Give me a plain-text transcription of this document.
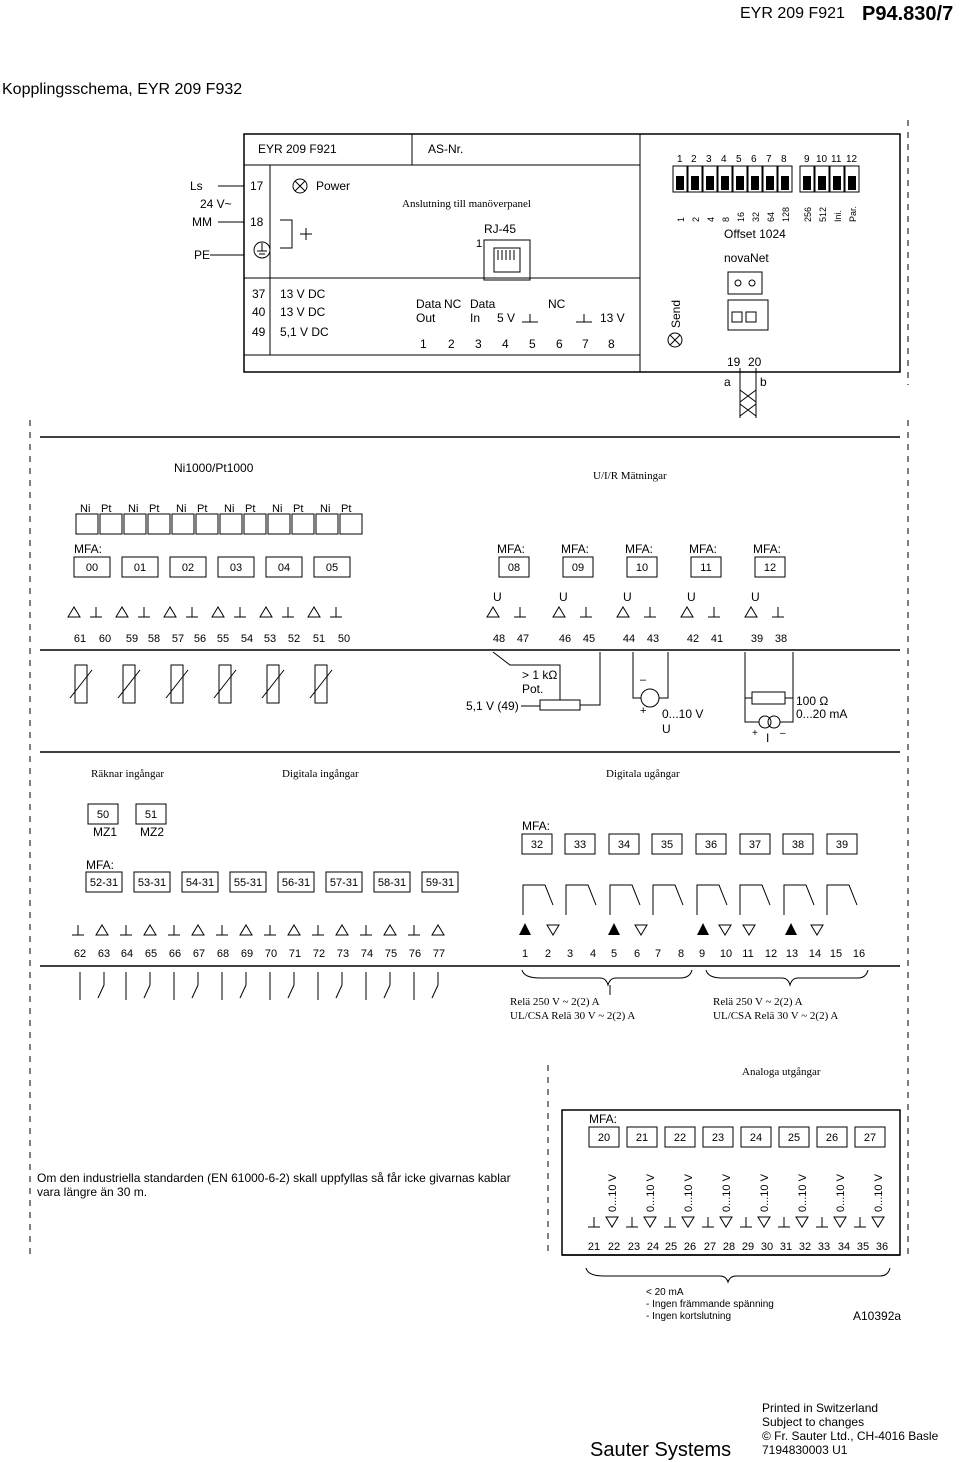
EYR 209 F921 P94.830/7
Kopplingsschema, EYR 209 F932
EYR 209 F921	AS-Nr.
Ls
24 V~
MM
PE
17
18
Power
Anslutning till manöverpanel
RJ-45
1
1 2 3 4 5 6 7 8 9 10 11 12
1 2 4 8 16 32 64 128 256 512 Ini. Par.
Offset 1024
novaNet
37
40
49
13 V DC
13 V DC
5,1 V DC
Data
Out
NC Data
In 5 V
NC
13 V
1 2 3 4 5 6 7 8
Send
19 20
a b
Ni1000/Pt1000
U/I/R Mätningar
Ni Pt Ni Pt Ni Pt Ni Pt Ni Pt Ni Pt
MFA:
00	01	02	03	04	05	08	09	10	11	12
MFA:	MFA:	MFA:	MFA:	MFA:
U	U	U	U	U
61 60 59 58 57 56 55 54 53 52 51 50	48 47	46 45	44 43	42 41	39 38
> 1 kΩ
Pot.
5,1 V (49)
–
+ 0...10 V
U
100 Ω
0...20 mA
+ –
I
Räknar ingångar	Digitala ingångar	Digitala ugångar
50	51
MZ1 MZ2
MFA:
MFA:
52-31 53-31 54-31 55-31 56-31 57-31 58-31 59-31
32	33	34	35	36	37	38	39
62 63 64 65 66 67 68 69 70 71 72 73 74 75 76 77	1 2 3 4 5 6 7 8 9 10 11 12 13 14 15 16
Relä 250 V ~ 2(2) A
UL/CSA Relä 30 V ~ 2(2) A
Relä 250 V ~ 2(2) A
UL/CSA Relä 30 V ~ 2(2) A
Analoga utgångar
MFA:
20 21 22 23 24 25 26 27
0...10 V 0...10 V 0...10 V 0...10 V 0...10 V 0...10 V 0...10 V 0...10 V
21 22 23 24 25 26 27 28 29 30 31 32 33 34 35 36
< 20 mA
- Ingen främmande spänning
- Ingen kortslutning	A10392a
Om den industriella standarden (EN 61000-6-2) skall uppfyllas så får icke givarnas kablar
vara längre än 30 m.
Sauter Systems
Printed in Switzerland
Subject to changes
© Fr. Sauter Ltd., CH-4016 Basle
7194830003 U1
